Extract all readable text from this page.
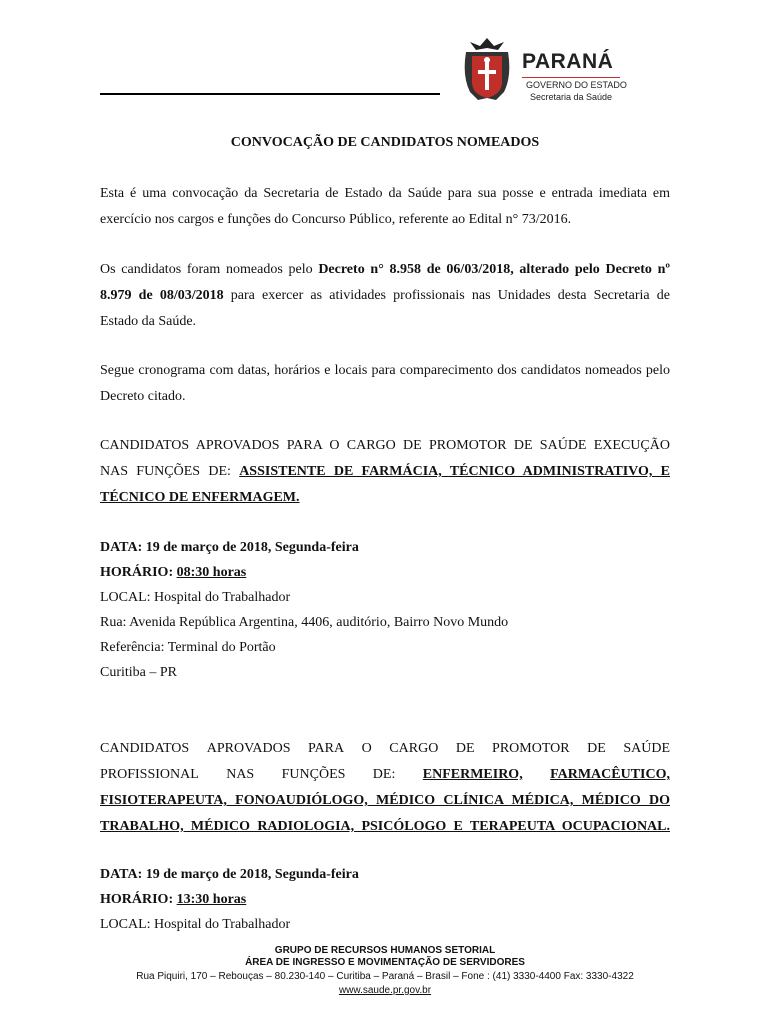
PARANÁ
GOVERNO DO ESTADO
Secretaria da Saúde
CONVOCAÇÃO DE CANDIDATOS NOMEADOS
Esta é uma convocação da Secretaria de Estado da Saúde para sua posse e entrada imediata em
exercício nos cargos e funções do Concurso Público, referente ao Edital n° 73/2016.
Os candidatos foram nomeados pelo Decreto n° 8.958 de 06/03/2018, alterado pelo Decreto nº
8.979 de 08/03/2018 para exercer as atividades profissionais nas Unidades desta Secretaria de
Estado da Saúde.
Segue cronograma com datas, horários e locais para comparecimento dos candidatos nomeados pelo
Decreto citado.
CANDIDATOS APROVADOS PARA O CARGO DE PROMOTOR DE SAÚDE EXECUÇÃO
NAS FUNÇÕES DE: ASSISTENTE DE FARMÁCIA, TÉCNICO ADMINISTRATIVO, E
TÉCNICO DE ENFERMAGEM.
DATA: 19 de março de 2018, Segunda-feira
HORÁRIO: 08:30 horas
LOCAL: Hospital do Trabalhador
Rua: Avenida República Argentina, 4406, auditório, Bairro Novo Mundo
Referência: Terminal do Portão
Curitiba – PR
CANDIDATOS APROVADOS PARA O CARGO DE PROMOTOR DE SAÚDE
PROFISSIONAL NAS FUNÇÕES DE: ENFERMEIRO, FARMACÊUTICO,
FISIOTERAPEUTA, FONOAUDIÓLOGO, MÉDICO CLÍNICA MÉDICA, MÉDICO DO
TRABALHO, MÉDICO RADIOLOGIA, PSICÓLOGO E TERAPEUTA OCUPACIONAL.
DATA: 19 de março de 2018, Segunda-feira
HORÁRIO: 13:30 horas
LOCAL: Hospital do Trabalhador
GRUPO DE RECURSOS HUMANOS SETORIAL
ÁREA DE INGRESSO E MOVIMENTAÇÃO DE SERVIDORES
Rua Piquiri, 170 – Rebouças – 80.230-140 – Curitiba – Paraná – Brasil – Fone : (41) 3330-4400 Fax: 3330-4322
www.saude.pr.gov.br
